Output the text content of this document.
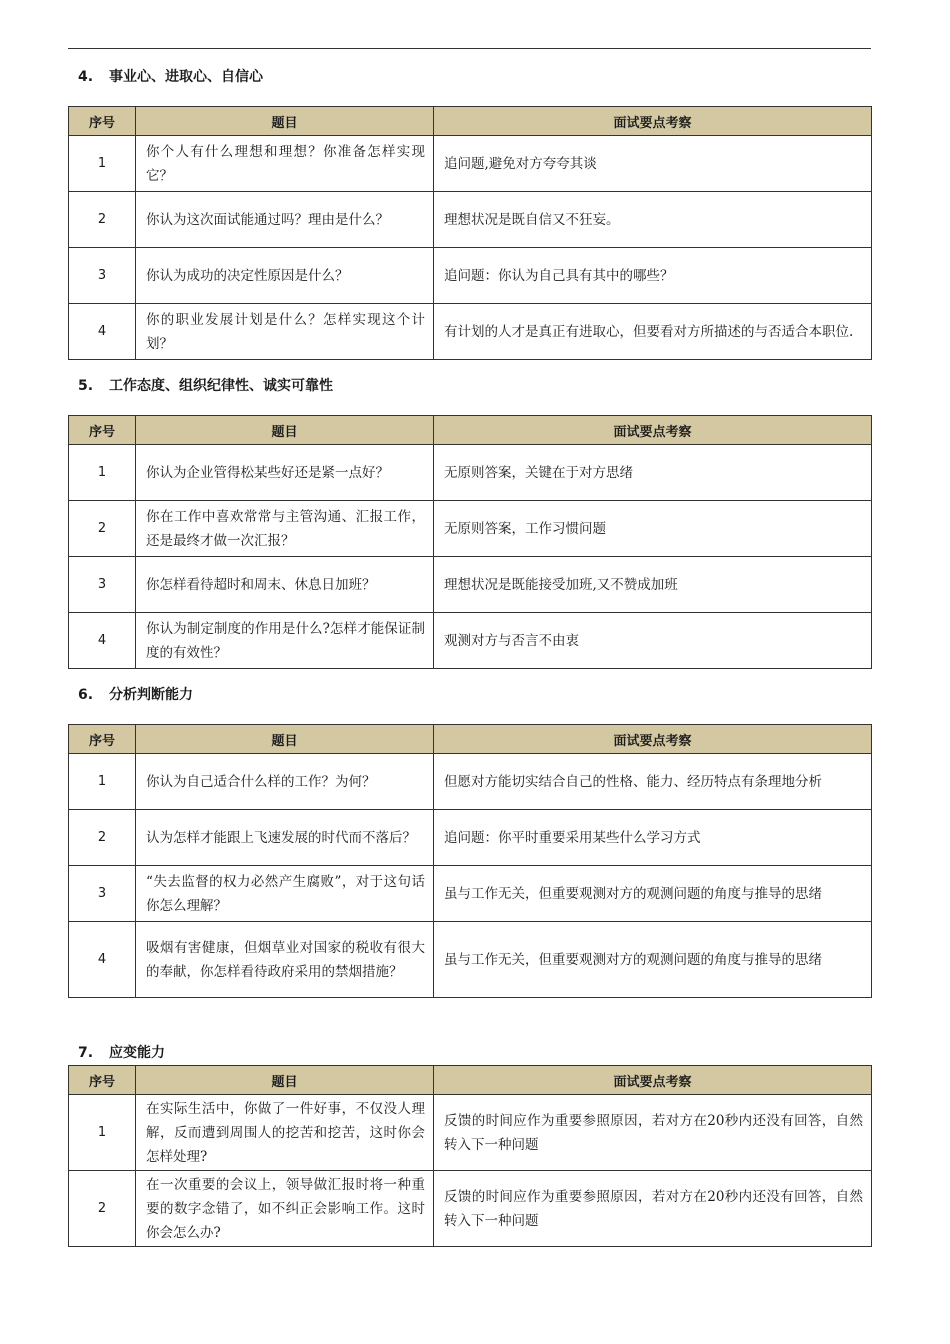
4. 事业心、进取心、自信心
序号	题目	面试要点考察
1	你个人有什么理想和理想？你准备怎样实现它？	追问题,避免对方夸夸其谈
2	你认为这次面试能通过吗？理由是什么？	理想状况是既自信又不狂妄。
3	你认为成功的决定性原因是什么？	追问题：你认为自己具有其中的哪些？
4	你的职业发展计划是什么？怎样实现这个计划？	有计划的人才是真正有进取心，但要看对方所描述的与否适合本职位.
5. 工作态度、组织纪律性、诚实可靠性
序号	题目	面试要点考察
1	你认为企业管得松某些好还是紧一点好？	无原则答案，关键在于对方思绪
2	你在工作中喜欢常常与主管沟通、汇报工作，还是最终才做一次汇报？	无原则答案，工作习惯问题
3	你怎样看待超时和周末、休息日加班？	理想状况是既能接受加班,又不赞成加班
4	你认为制定制度的作用是什么?怎样才能保证制度的有效性？	观测对方与否言不由衷
6. 分析判断能力
序号	题目	面试要点考察
1	你认为自己适合什么样的工作？为何？	但愿对方能切实结合自己的性格、能力、经历特点有条理地分析
2	认为怎样才能跟上飞速发展的时代而不落后？	追问题：你平时重要采用某些什么学习方式
3	“失去监督的权力必然产生腐败”，对于这句话你怎么理解？	虽与工作无关，但重要观测对方的观测问题的角度与推导的思绪
4	吸烟有害健康，但烟草业对国家的税收有很大的奉献，你怎样看待政府采用的禁烟措施？	虽与工作无关，但重要观测对方的观测问题的角度与推导的思绪
7. 应变能力
序号	题目	面试要点考察
1	在实际生活中，你做了一件好事，不仅没人理解，反而遭到周围人的挖苦和挖苦，这时你会怎样处理?	反馈的时间应作为重要参照原因，若对方在20秒内还没有回答，自然转入下一种问题
2	在一次重要的会议上，领导做汇报时将一种重要的数字念错了，如不纠正会影响工作。这时你会怎么办?	反馈的时间应作为重要参照原因，若对方在20秒内还没有回答，自然转入下一种问题
